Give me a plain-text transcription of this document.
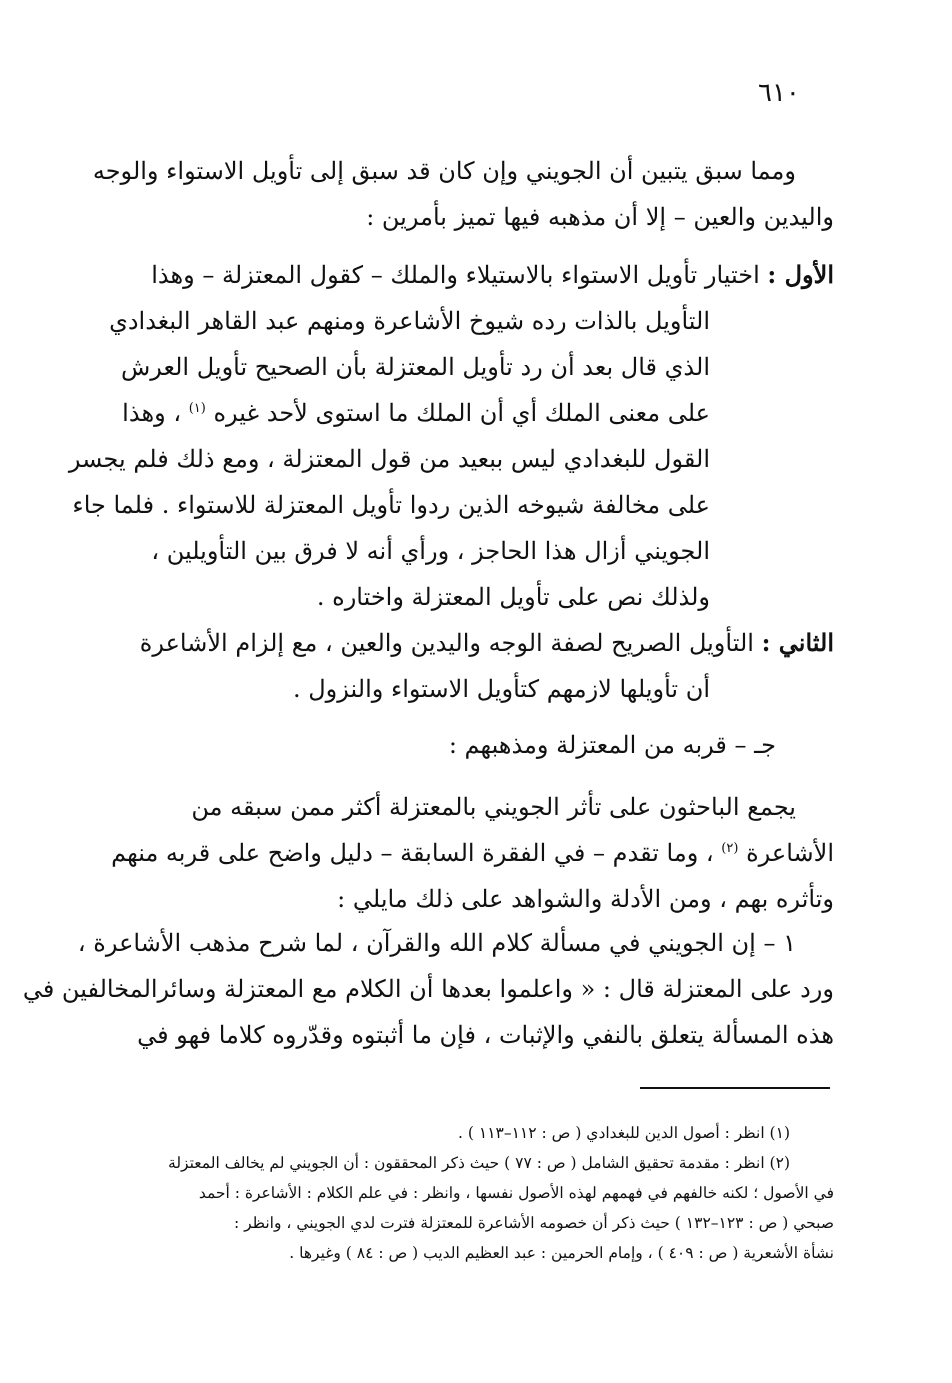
٦١٠
ومما سبق يتبين أن الجويني وإن كان قد سبق إلى تأويل الاستواء والوجه
واليدين والعين – إلا أن مذهبه فيها تميز بأمرين :
الأول : اختيار تأويل الاستواء بالاستيلاء والملك – كقول المعتزلة – وهذا
التأويل بالذات رده شيوخ الأشاعرة ومنهم عبد القاهر البغدادي
الذي قال بعد أن رد تأويل المعتزلة بأن الصحيح تأويل العرش
على معنى الملك أي أن الملك ما استوى لأحد غيره $^{(١)}$ ، وهذا
القول للبغدادي ليس ببعيد من قول المعتزلة ، ومع ذلك فلم يجسر
على مخالفة شيوخه الذين ردوا تأويل المعتزلة للاستواء . فلما جاء
الجويني أزال هذا الحاجز ، ورأي أنه لا فرق بين التأويلين ،
ولذلك نص على تأويل المعتزلة واختاره .
الثاني : التأويل الصريح لصفة الوجه واليدين والعين ، مع إلزام الأشاعرة
أن تأويلها لازمهم كتأويل الاستواء والنزول .
جـ – قربه من المعتزلة ومذهبهم :
يجمع الباحثون على تأثر الجويني بالمعتزلة أكثر ممن سبقه من
الأشاعرة $^{(٢)}$ ، وما تقدم – في الفقرة السابقة – دليل واضح على قربه منهم
وتأثره بهم ، ومن الأدلة والشواهد على ذلك مايلي :
١ – إن الجويني في مسألة كلام الله والقرآن ، لما شرح مذهب الأشاعرة ،
ورد على المعتزلة قال : « واعلموا بعدها أن الكلام مع المعتزلة وسائرالمخالفين في
هذه المسألة يتعلق بالنفي والإثبات ، فإن ما أثبتوه وقدّروه كلاما فهو في
(١) انظر : أصول الدين للبغدادي ( ص : ١١٢–١١٣ ) .
(٢) انظر : مقدمة تحقيق الشامل ( ص : ٧٧ ) حيث ذكر المحققون : أن الجويني لم يخالف المعتزلة
في الأصول ؛ لكنه خالفهم في فهمهم لهذه الأصول نفسها ، وانظر : في علم الكلام : الأشاعرة : أحمد
صبحي ( ص : ١٢٣–١٣٢ ) حيث ذكر أن خصومه الأشاعرة للمعتزلة فترت لدي الجويني ، وانظر :
نشأة الأشعرية ( ص : ٤٠٩ ) ، وإمام الحرمين : عبد العظيم الديب ( ص : ٨٤ ) وغيرها .
